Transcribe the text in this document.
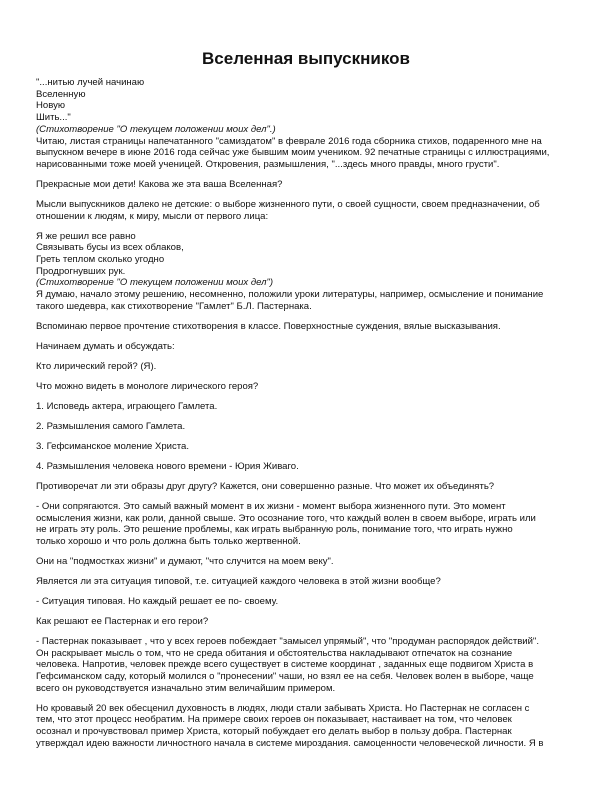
Вселенная выпускников
"...нитью лучей начинаю
Вселенную
Новую
Шить..."
(Стихотворение "О текущем положении моих дел".)
Читаю, листая страницы напечатанного "самиздатом" в феврале 2016 года сборника стихов, подаренного мне на
выпускном вечере в июне 2016 года сейчас уже бывшим моим учеником. 92 печатные страницы с иллюстрациями,
нарисованными тоже моей ученицей. Откровения, размышления, "...здесь много правды, много грусти".
Прекрасные мои дети! Какова же эта ваша Вселенная?
Мысли выпускников далеко не детские: о выборе жизненного пути, о своей сущности, своем предназначении, об
отношении к людям, к миру, мысли от первого лица:
Я же решил все равно
Связывать бусы из всех облаков,
Греть теплом сколько угодно
Продрогнувших рук.
(Стихотворение "О текущем положении моих дел")
Я думаю, начало этому решению, несомненно, положили уроки литературы, например, осмысление и понимание
такого шедевра, как стихотворение "Гамлет" Б.Л. Пастернака.
Вспоминаю первое прочтение стихотворения в классе. Поверхностные суждения, вялые высказывания.
Начинаем думать и обсуждать:
Кто лирический герой? (Я).
Что можно видеть в монологе лирического героя?
1. Исповедь актера, играющего Гамлета.
2. Размышления самого Гамлета.
3. Гефсиманское моление Христа.
4. Размышления человека нового времени - Юрия Живаго.
Противоречат ли эти образы друг другу? Кажется, они совершенно разные. Что может их объединять?
- Они сопрягаются. Это самый важный момент в их жизни - момент выбора жизненного пути. Это момент
осмысления жизни, как роли, данной свыше. Это осознание того, что каждый волен в своем выборе, играть или
не играть эту роль. Это решение проблемы, как играть выбранную роль, понимание того, что играть нужно
только хорошо и что роль должна быть только жертвенной.
Они на "подмостках жизни" и думают, "что случится на моем веку".
Является ли эта ситуация типовой, т.е. ситуацией каждого человека в этой жизни вообще?
- Ситуация типовая. Но каждый решает ее по- своему.
Как решают ее Пастернак и его герои?
- Пастернак показывает , что у всех героев побеждает "замысел упрямый", что "продуман распорядок действий".
Он раскрывает мысль о том, что не среда обитания и обстоятельства накладывают отпечаток на сознание
человека. Напротив, человек прежде всего существует в системе координат , заданных еще подвигом Христа в
Гефсиманском саду, который молился о "пронесении" чаши, но взял ее на себя. Человек волен в выборе, чаще
всего он руководствуется изначально этим величайшим примером.
Но кровавый 20 век обесценил духовность в людях, люди стали забывать Христа. Но Пастернак не согласен с
тем, что этот процесс необратим. На примере своих героев он показывает, настаивает на том, что человек
осознал и прочувствовал пример Христа, который побуждает его делать выбор в пользу добра. Пастернак
утверждал идею важности личностного начала в системе мироздания. самоценности человеческой личности. Я в
